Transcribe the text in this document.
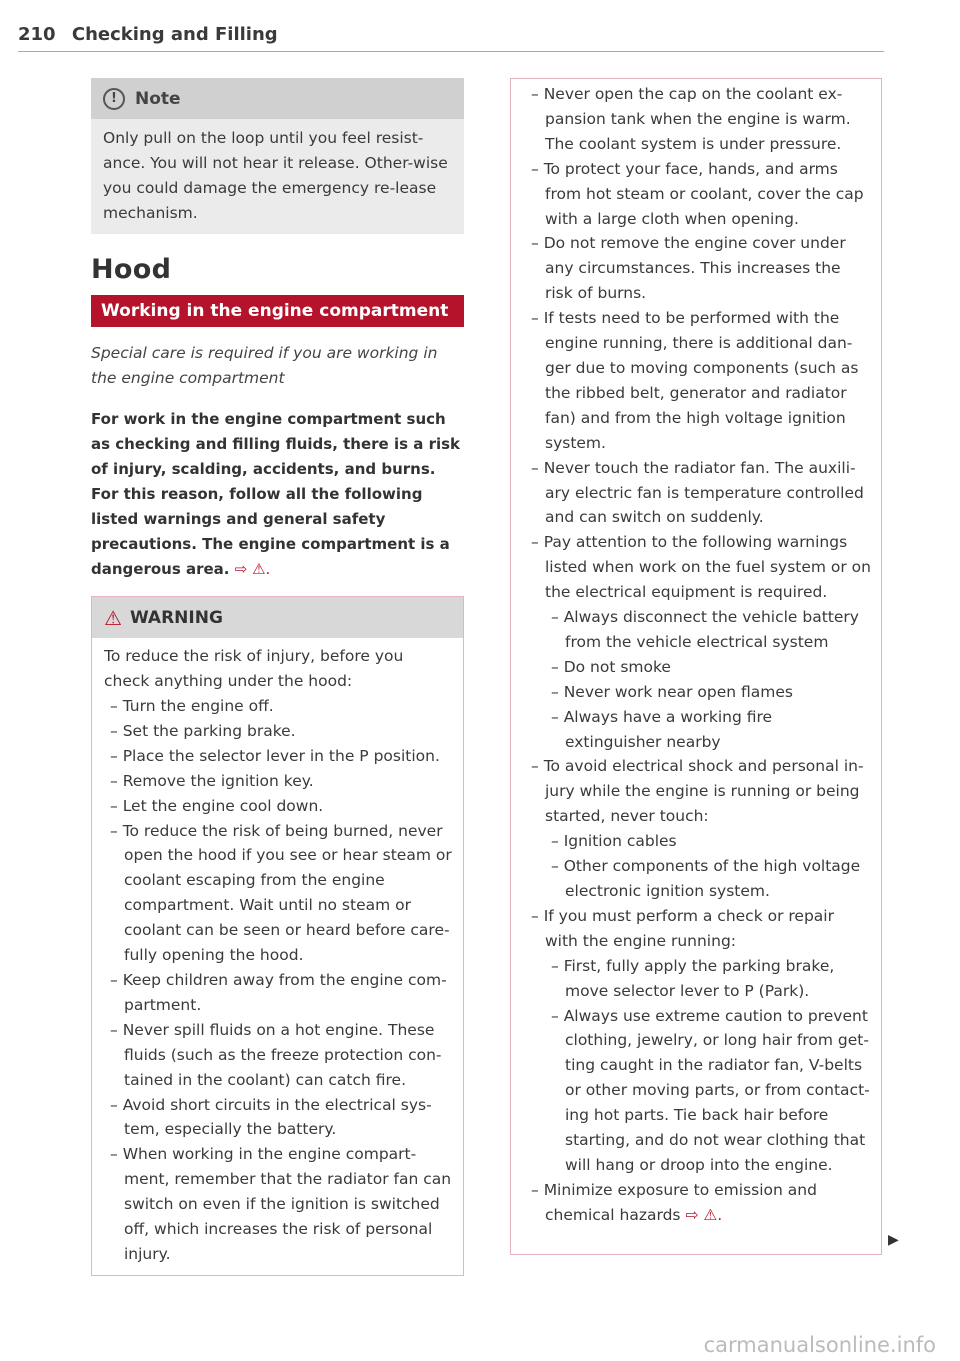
210 Checking and Filling
!	Note
Only pull on the loop until you feel resist-ance. You will not hear it release. Other-wise you could damage the emergency re-lease mechanism.
Hood
Working in the engine compartment
Special care is required if you are working in the engine compartment
For work in the engine compartment such as checking and filling fluids, there is a risk of injury, scalding, accidents, and burns. For this reason, follow all the following listed warnings and general safety precautions. The engine compartment is a dangerous area. ⇨ ⚠.
⚠ WARNING
To reduce the risk of injury, before you check anything under the hood:
– Turn the engine off.
– Set the parking brake.
– Place the selector lever in the P position.
– Remove the ignition key.
– Let the engine cool down.
– To reduce the risk of being burned, never open the hood if you see or hear steam or coolant escaping from the engine compartment. Wait until no steam or coolant can be seen or heard before care-fully opening the hood.
– Keep children away from the engine com-partment.
– Never spill fluids on a hot engine. These fluids (such as the freeze protection con-tained in the coolant) can catch fire.
– Avoid short circuits in the electrical sys-tem, especially the battery.
– When working in the engine compart-ment, remember that the radiator fan can switch on even if the ignition is switched off, which increases the risk of personal injury.
– Never open the cap on the coolant ex-pansion tank when the engine is warm. The coolant system is under pressure.
– To protect your face, hands, and arms from hot steam or coolant, cover the cap with a large cloth when opening.
– Do not remove the engine cover under any circumstances. This increases the risk of burns.
– If tests need to be performed with the engine running, there is additional dan-ger due to moving components (such as the ribbed belt, generator and radiator fan) and from the high voltage ignition system.
– Never touch the radiator fan. The auxili-ary electric fan is temperature controlled and can switch on suddenly.
– Pay attention to the following warnings listed when work on the fuel system or on the electrical equipment is required.
– Always disconnect the vehicle battery from the vehicle electrical system
– Do not smoke
– Never work near open flames
– Always have a working fire extinguisher nearby
– To avoid electrical shock and personal in-jury while the engine is running or being started, never touch:
– Ignition cables
– Other components of the high voltage electronic ignition system.
– If you must perform a check or repair with the engine running:
– First, fully apply the parking brake, move selector lever to P (Park).
– Always use extreme caution to prevent clothing, jewelry, or long hair from get-ting caught in the radiator fan, V-belts or other moving parts, or from contact-ing hot parts. Tie back hair before starting, and do not wear clothing that will hang or droop into the engine.
– Minimize exposure to emission and chemical hazards ⇨ ⚠.
▶
carmanualsonline.info
